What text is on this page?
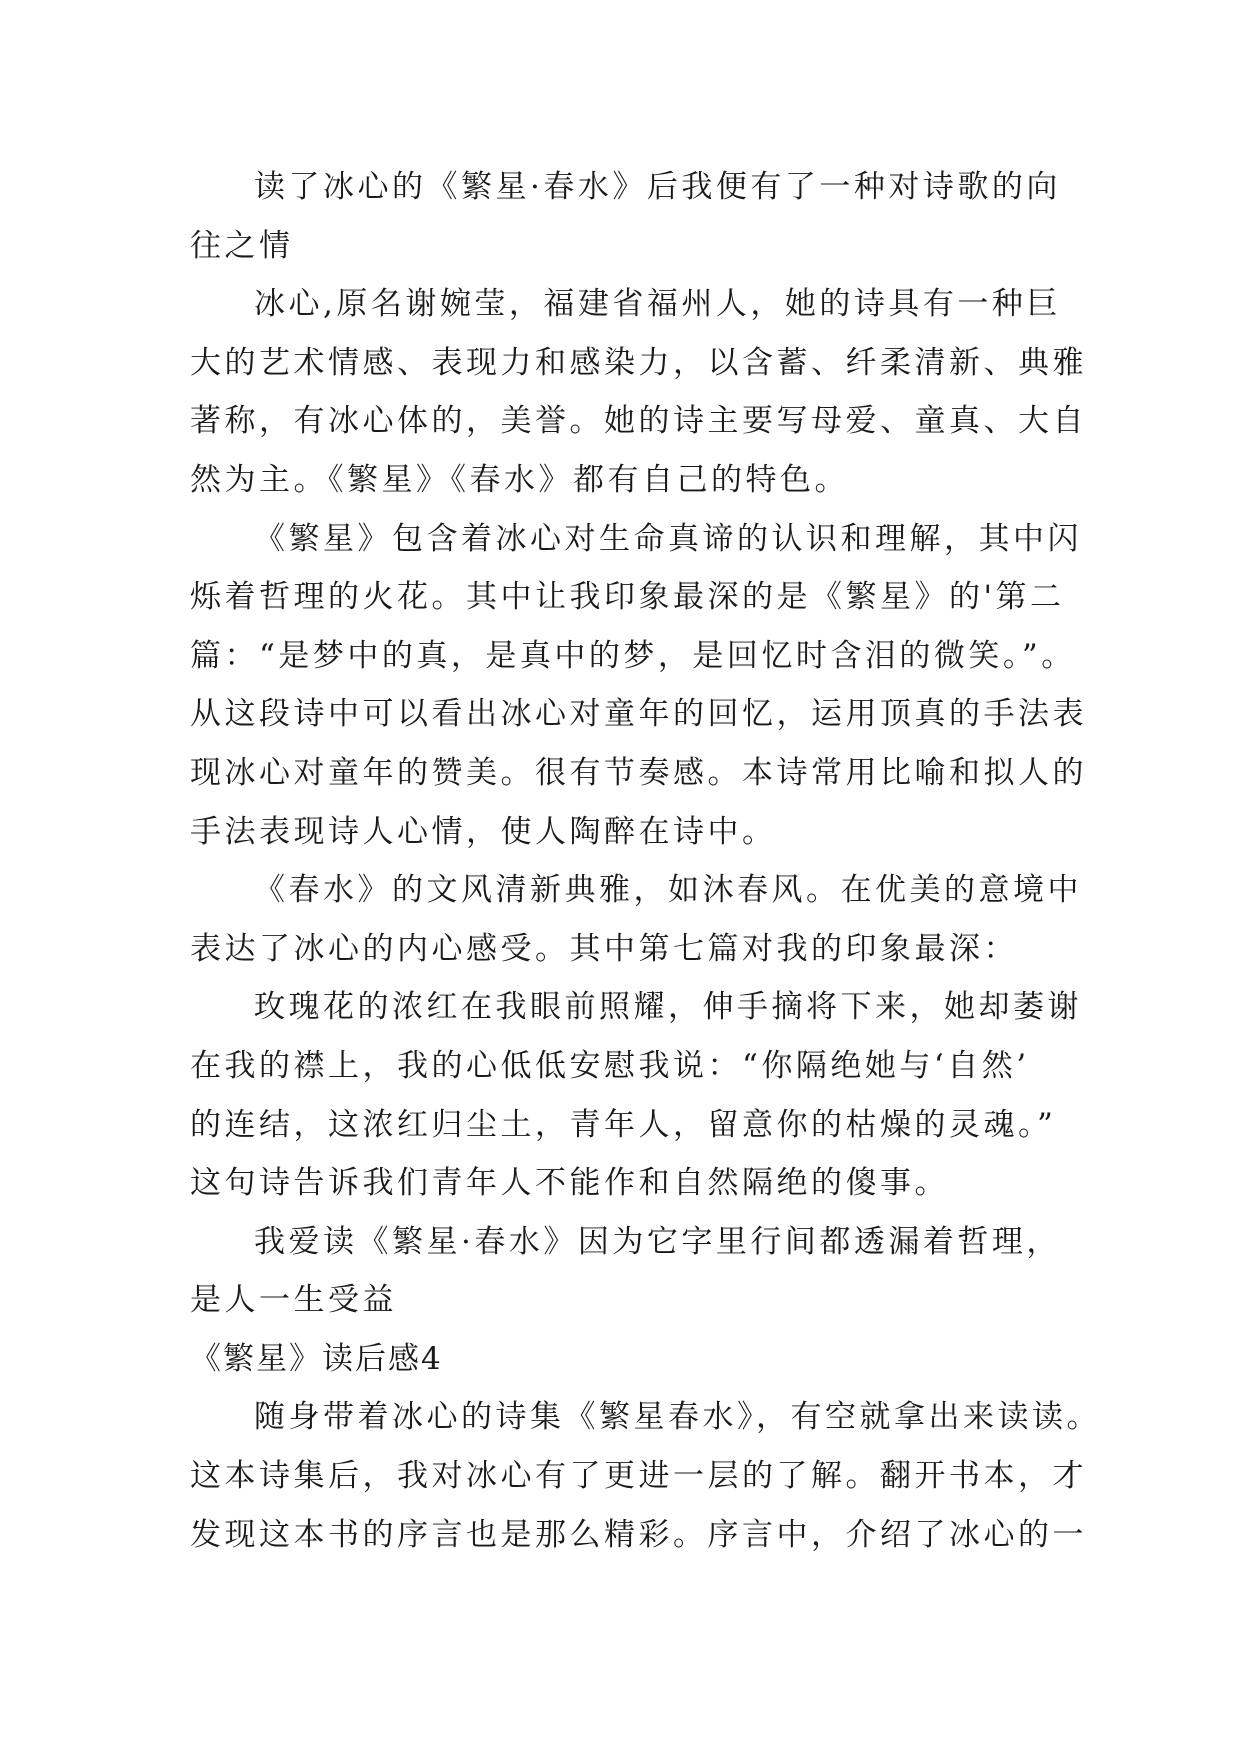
读了冰心的《繁星·春水》后我便有了一种对诗歌的向
往之情
冰心,原名谢婉莹，福建省福州人，她的诗具有一种巨
大的艺术情感、表现力和感染力，以含蓄、纤柔清新、典雅
著称，有冰心体的，美誉。她的诗主要写母爱、童真、大自
然为主。《繁星》《春水》都有自己的特色。
《繁星》包含着冰心对生命真谛的认识和理解，其中闪
烁着哲理的火花。其中让我印象最深的是《繁星》的'第二
篇：“是梦中的真，是真中的梦，是回忆时含泪的微笑。”。
从这段诗中可以看出冰心对童年的回忆，运用顶真的手法表
现冰心对童年的赞美。很有节奏感。本诗常用比喻和拟人的
手法表现诗人心情，使人陶醉在诗中。
《春水》的文风清新典雅，如沐春风。在优美的意境中
表达了冰心的内心感受。其中第七篇对我的印象最深：
玫瑰花的浓红在我眼前照耀，伸手摘将下来，她却萎谢
在我的襟上，我的心低低安慰我说：“你隔绝她与‘自然’
的连结，这浓红归尘土，青年人，留意你的枯燥的灵魂。”
这句诗告诉我们青年人不能作和自然隔绝的傻事。
我爱读《繁星·春水》因为它字里行间都透漏着哲理，
是人一生受益
《繁星》读后感4
随身带着冰心的诗集《繁星春水》，有空就拿出来读读。
这本诗集后，我对冰心有了更进一层的了解。翻开书本，才
发现这本书的序言也是那么精彩。序言中，介绍了冰心的一
